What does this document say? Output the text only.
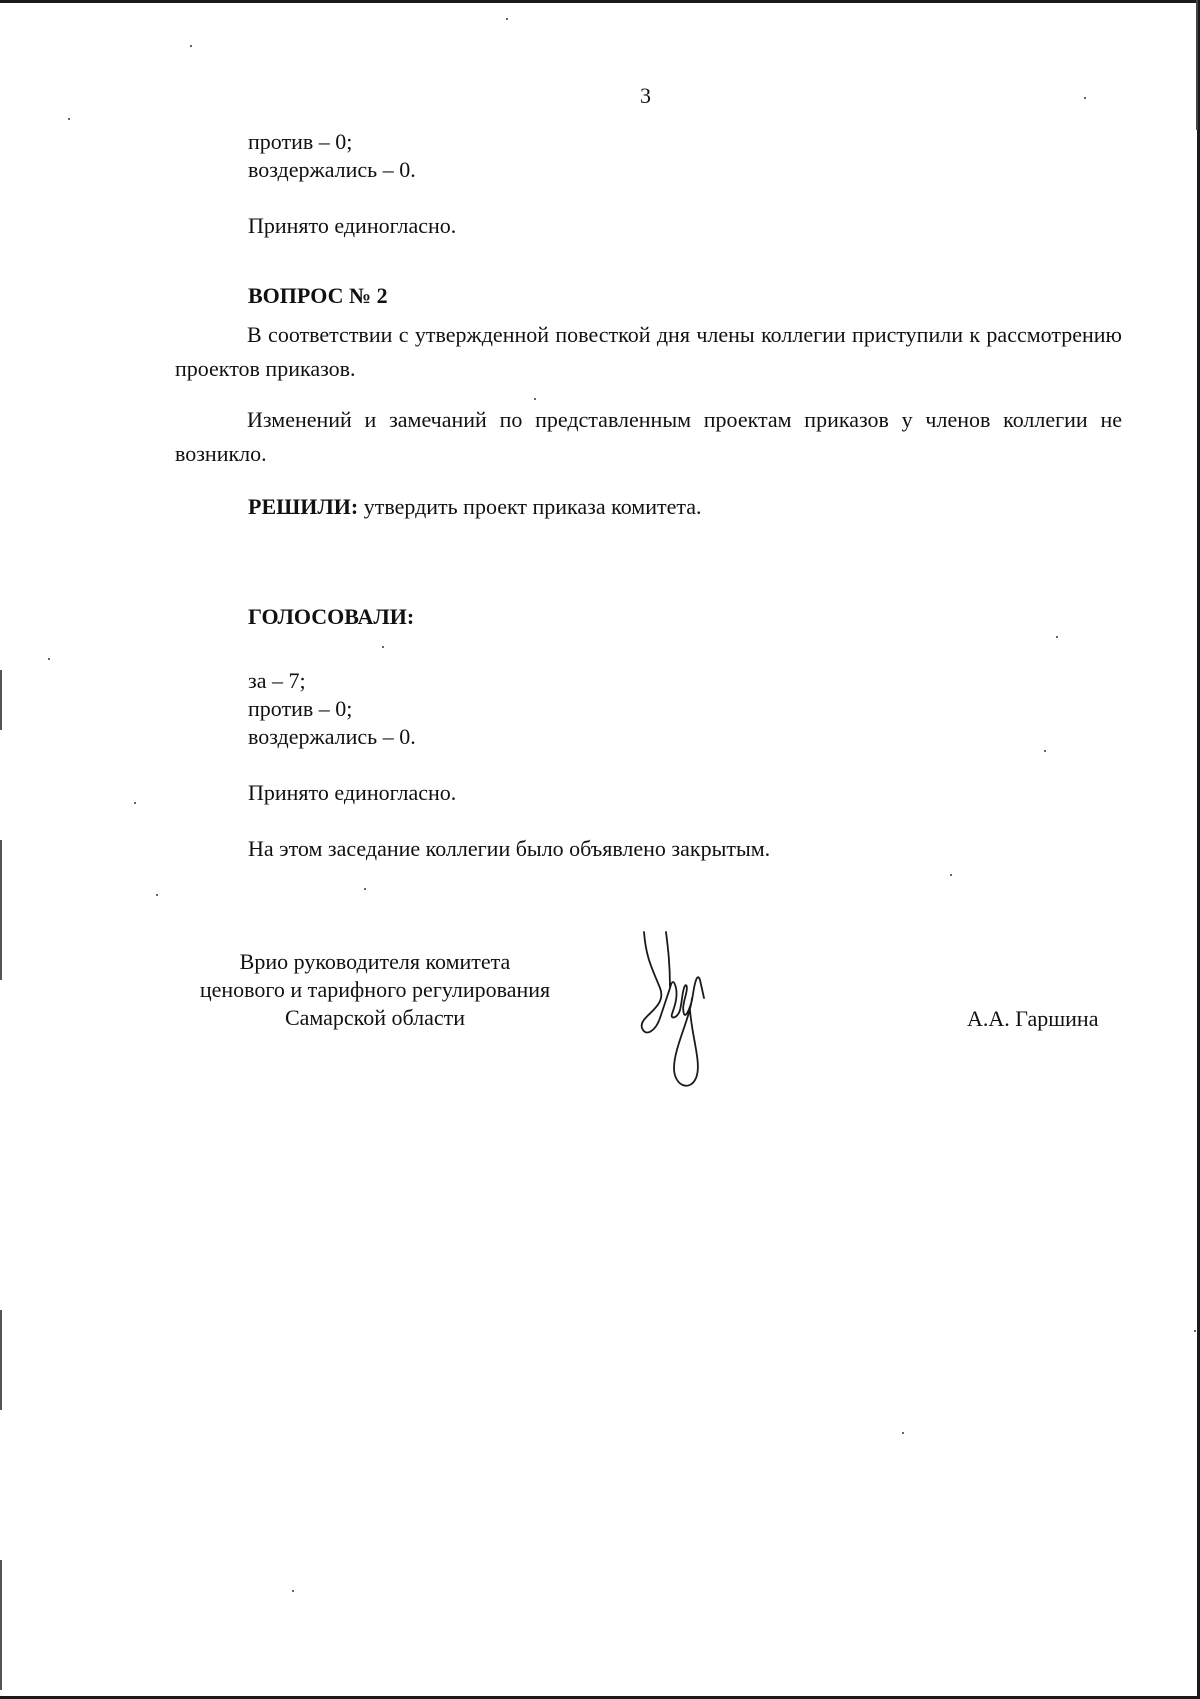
3

против – 0;

воздержались – 0.

Принято единогласно.

ВОПРОС № 2

В соответствии с утвержденной повесткой дня члены коллегии приступили к рассмотрению проектов приказов.

Изменений и замечаний по представленным проектам приказов у членов коллегии не возникло.

РЕШИЛИ: утвердить проект приказа комитета.

ГОЛОСОВАЛИ:

за – 7;

против – 0;

воздержались – 0.

Принято единогласно.

На этом заседание коллегии было объявлено закрытым.

Врио руководителя комитета
ценового и тарифного регулирования
Самарской области	А.А. Гаршина
